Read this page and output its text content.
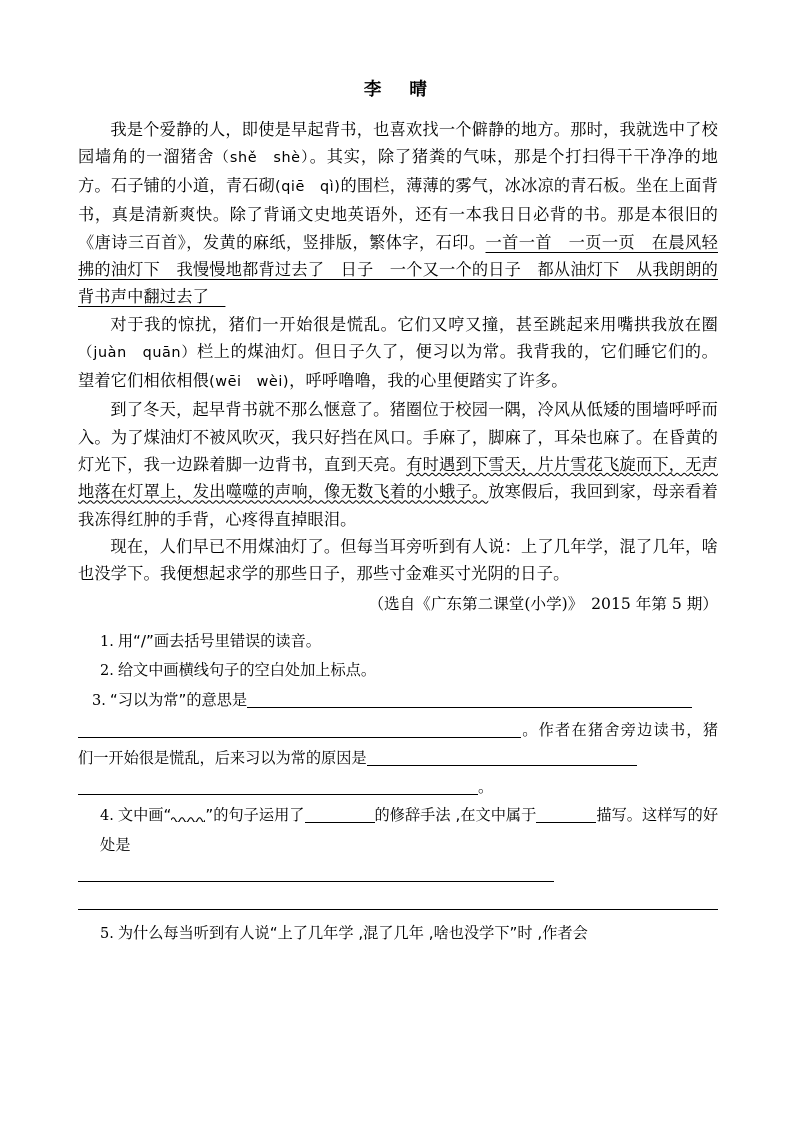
李　晴

我是个爱静的人，即使是早起背书，也喜欢找一个僻静的地方。那时，我就选中了校园墙角的一溜猪舍（shě　shè）。其实，除了猪粪的气味，那是个打扫得干干净净的地方。石子铺的小道，青石砌(qiē　qì)的围栏，薄薄的雾气，冰冰凉的青石板。坐在上面背书，真是清新爽快。除了背诵文史地英语外，还有一本我日日必背的书。那是本很旧的《唐诗三百首》，发黄的麻纸，竖排版，繁体字，石印。一首一首　一页一页　在晨风轻拂的油灯下　我慢慢地都背过去了　日子　一个又一个的日子　都从油灯下　从我朗朗的背书声中翻过去了　

对于我的惊扰，猪们一开始很是慌乱。它们又哼又撞，甚至跳起来用嘴拱我放在圈（juàn　quān）栏上的煤油灯。但日子久了，便习以为常。我背我的，它们睡它们的。望着它们相依相偎(wēi　wèi)，呼呼噜噜，我的心里便踏实了许多。

到了冬天，起早背书就不那么惬意了。猪圈位于校园一隅，冷风从低矮的围墙呼呼而入。为了煤油灯不被风吹灭，我只好挡在风口。手麻了，脚麻了，耳朵也麻了。在昏黄的灯光下，我一边跺着脚一边背书，直到天亮。有时遇到下雪天，片片雪花飞旋而下，无声地落在灯罩上，发出噬噬的声响，像无数飞着的小蛾子。放寒假后，我回到家，母亲看着我冻得红肿的手背，心疼得直掉眼泪。

现在，人们早已不用煤油灯了。但每当耳旁听到有人说：上了几年学，混了几年，啥也没学下。我便想起求学的那些日子，那些寸金难买寸光阴的日子。

（选自《广东第二课堂(小学)》　2015 年第 5 期）

1. 用“/”画去括号里错误的读音。

2. 给文中画横线句子的空白处加上标点。

3. “习以为常”的意思是

。作者在猪舍旁边读书，猪们一开始很是慌乱，后来习以为常的原因是

。

4. 文中画“ ”的句子运用了	的修辞手法 ,在文中属于	描写。这样写的好处是

5. 为什么每当听到有人说“上了几年学 ,混了几年 ,啥也没学下”时 ,作者会
